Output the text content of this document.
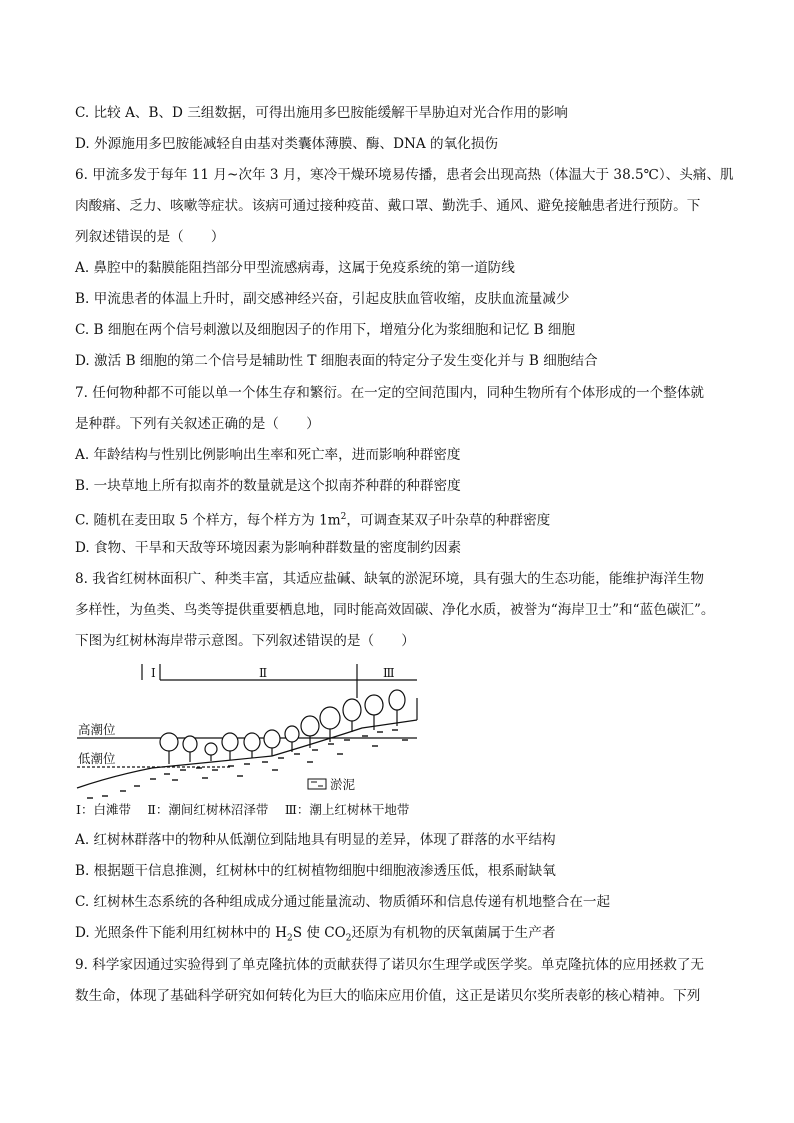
C. 比较 A、B、D 三组数据，可得出施用多巴胺能缓解干旱胁迫对光合作用的影响
D. 外源施用多巴胺能减轻自由基对类囊体薄膜、酶、DNA 的氧化损伤
6. 甲流多发于每年 11 月~次年 3 月，寒冷干燥环境易传播，患者会出现高热（体温大于 38.5℃）、头痛、肌
肉酸痛、乏力、咳嗽等症状。该病可通过接种疫苗、戴口罩、勤洗手、通风、避免接触患者进行预防。下
列叙述错误的是（　　）
A. 鼻腔中的黏膜能阻挡部分甲型流感病毒，这属于免疫系统的第一道防线
B. 甲流患者的体温上升时，副交感神经兴奋，引起皮肤血管收缩，皮肤血流量减少
C. B 细胞在两个信号刺激以及细胞因子的作用下，增殖分化为浆细胞和记忆 B 细胞
D. 激活 B 细胞的第二个信号是辅助性 T 细胞表面的特定分子发生变化并与 B 细胞结合
7. 任何物种都不可能以单一个体生存和繁衍。在一定的空间范围内，同种生物所有个体形成的一个整体就
是种群。下列有关叙述正确的是（　　）
A. 年龄结构与性别比例影响出生率和死亡率，进而影响种群密度
B. 一块草地上所有拟南芥的数量就是这个拟南芥种群的种群密度
C. 随机在麦田取 5 个样方，每个样方为 $1m^2$，可调查某双子叶杂草的种群密度
D. 食物、干旱和天敌等环境因素为影响种群数量的密度制约因素
8. 我省红树林面积广、种类丰富，其适应盐碱、缺氧的淤泥环境，具有强大的生态功能，能维护海洋生物
多样性，为鱼类、鸟类等提供重要栖息地，同时能高效固碳、净化水质，被誉为“海岸卫士”和“蓝色碳汇”。
下图为红树林海岸带示意图。下列叙述错误的是（　　）
Ⅰ	Ⅱ	Ⅲ
高潮位
低潮位
淤泥
Ⅰ：白滩带　 Ⅱ：潮间红树林沼泽带　 Ⅲ：潮上红树林干地带
A. 红树林群落中的物种从低潮位到陆地具有明显的差异，体现了群落的水平结构
B. 根据题干信息推测，红树林中的红树植物细胞中细胞液渗透压低，根系耐缺氧
C. 红树林生态系统的各种组成成分通过能量流动、物质循环和信息传递有机地整合在一起
D. 光照条件下能利用红树林中的 $H_2S$ 使 $CO_2$还原为有机物的厌氧菌属于生产者
9. 科学家因通过实验得到了单克隆抗体的贡献获得了诺贝尔生理学或医学奖。单克隆抗体的应用拯救了无
数生命，体现了基础科学研究如何转化为巨大的临床应用价值，这正是诺贝尔奖所表彰的核心精神。下列
